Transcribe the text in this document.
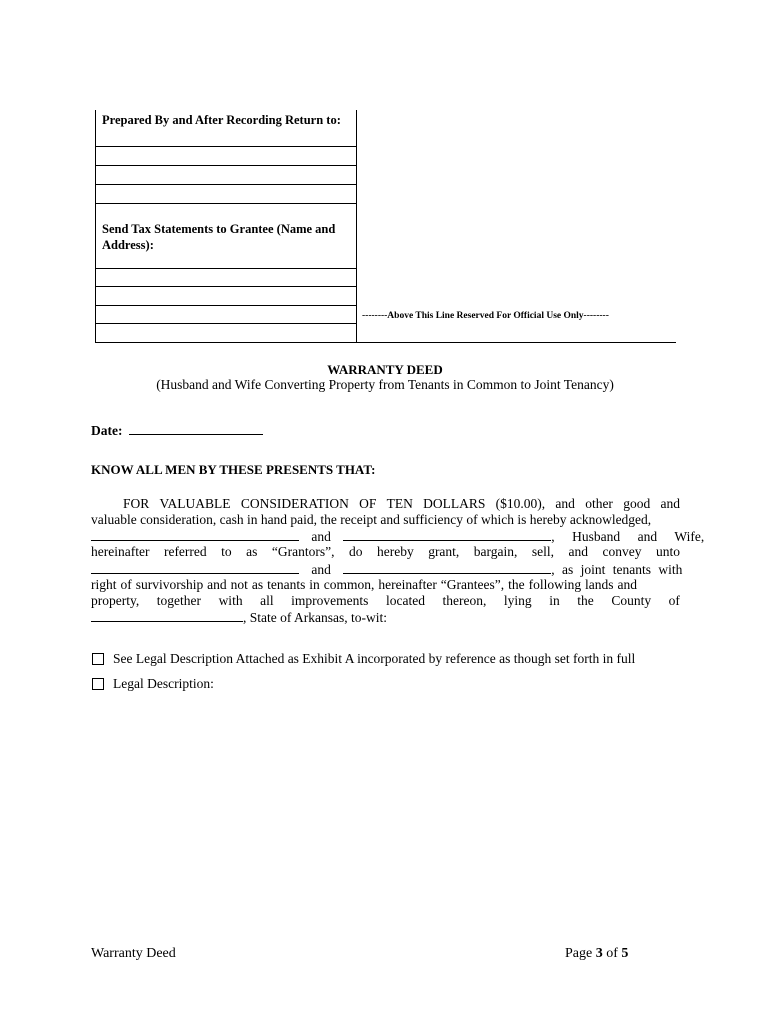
Prepared By and After Recording Return to:
Send Tax Statements to Grantee (Name and
Address):
--------Above This Line Reserved For Official Use Only--------
WARRANTY DEED
(Husband and Wife Converting Property from Tenants in Common to Joint Tenancy)
Date:
KNOW ALL MEN BY THESE PRESENTS THAT:
FOR VALUABLE CONSIDERATION OF TEN DOLLARS ($10.00), and other good and
valuable consideration, cash in hand paid, the receipt and sufficiency of which is hereby acknowledged,
and	, Husband and Wife,
hereinafter referred to as “Grantors”, do hereby grant, bargain, sell, and convey unto
and	, as joint tenants with
right of survivorship and not as tenants in common, hereinafter “Grantees”, the following lands and
property, together with all improvements located thereon, lying in the County of
, State of Arkansas, to-wit:
See Legal Description Attached as Exhibit A incorporated by reference as though set forth in full
Legal Description:
Warranty Deed	Page 3 of 5
